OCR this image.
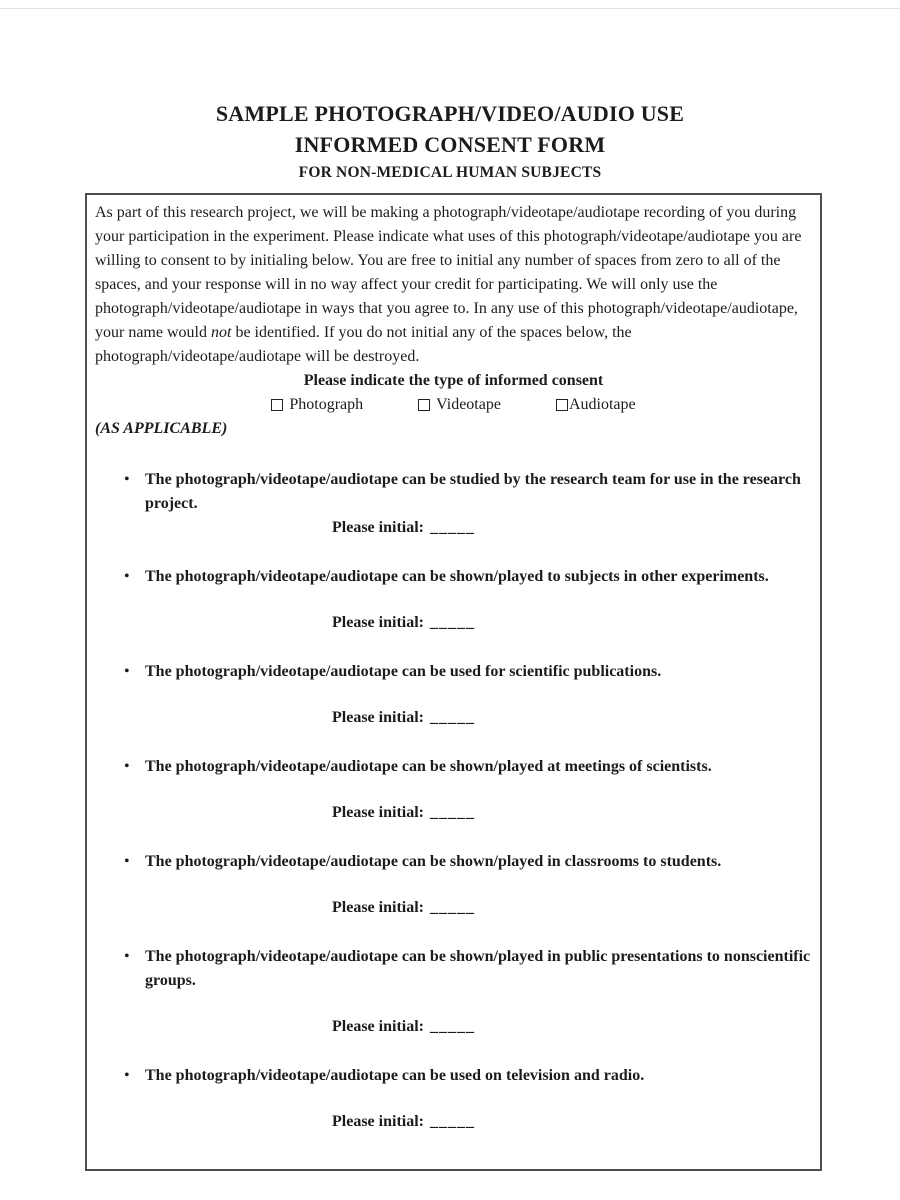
SAMPLE PHOTOGRAPH/VIDEO/AUDIO USE
INFORMED CONSENT FORM
FOR NON-MEDICAL HUMAN SUBJECTS

As part of this research project, we will be making a photograph/videotape/audiotape recording of you during your participation in the experiment. Please indicate what uses of this photograph/videotape/audiotape you are willing to consent to by initialing below. You are free to initial any number of spaces from zero to all of the spaces, and your response will in no way affect your credit for participating. We will only use the photograph/videotape/audiotape in ways that you agree to. In any use of this photograph/videotape/audiotape, your name would not be identified. If you do not initial any of the spaces below, the photograph/videotape/audiotape will be destroyed.

Please indicate the type of informed consent
Photograph	Videotape	Audiotape
(AS APPLICABLE)
• The photograph/videotape/audiotape can be studied by the research team for use in the research project.
Please initial: _____
• The photograph/videotape/audiotape can be shown/played to subjects in other experiments.
Please initial: _____
• The photograph/videotape/audiotape can be used for scientific publications.
Please initial: _____
• The photograph/videotape/audiotape can be shown/played at meetings of scientists.
Please initial: _____
• The photograph/videotape/audiotape can be shown/played in classrooms to students.
Please initial: _____
• The photograph/videotape/audiotape can be shown/played in public presentations to nonscientific groups.
Please initial: _____
• The photograph/videotape/audiotape can be used on television and radio.
Please initial: _____
